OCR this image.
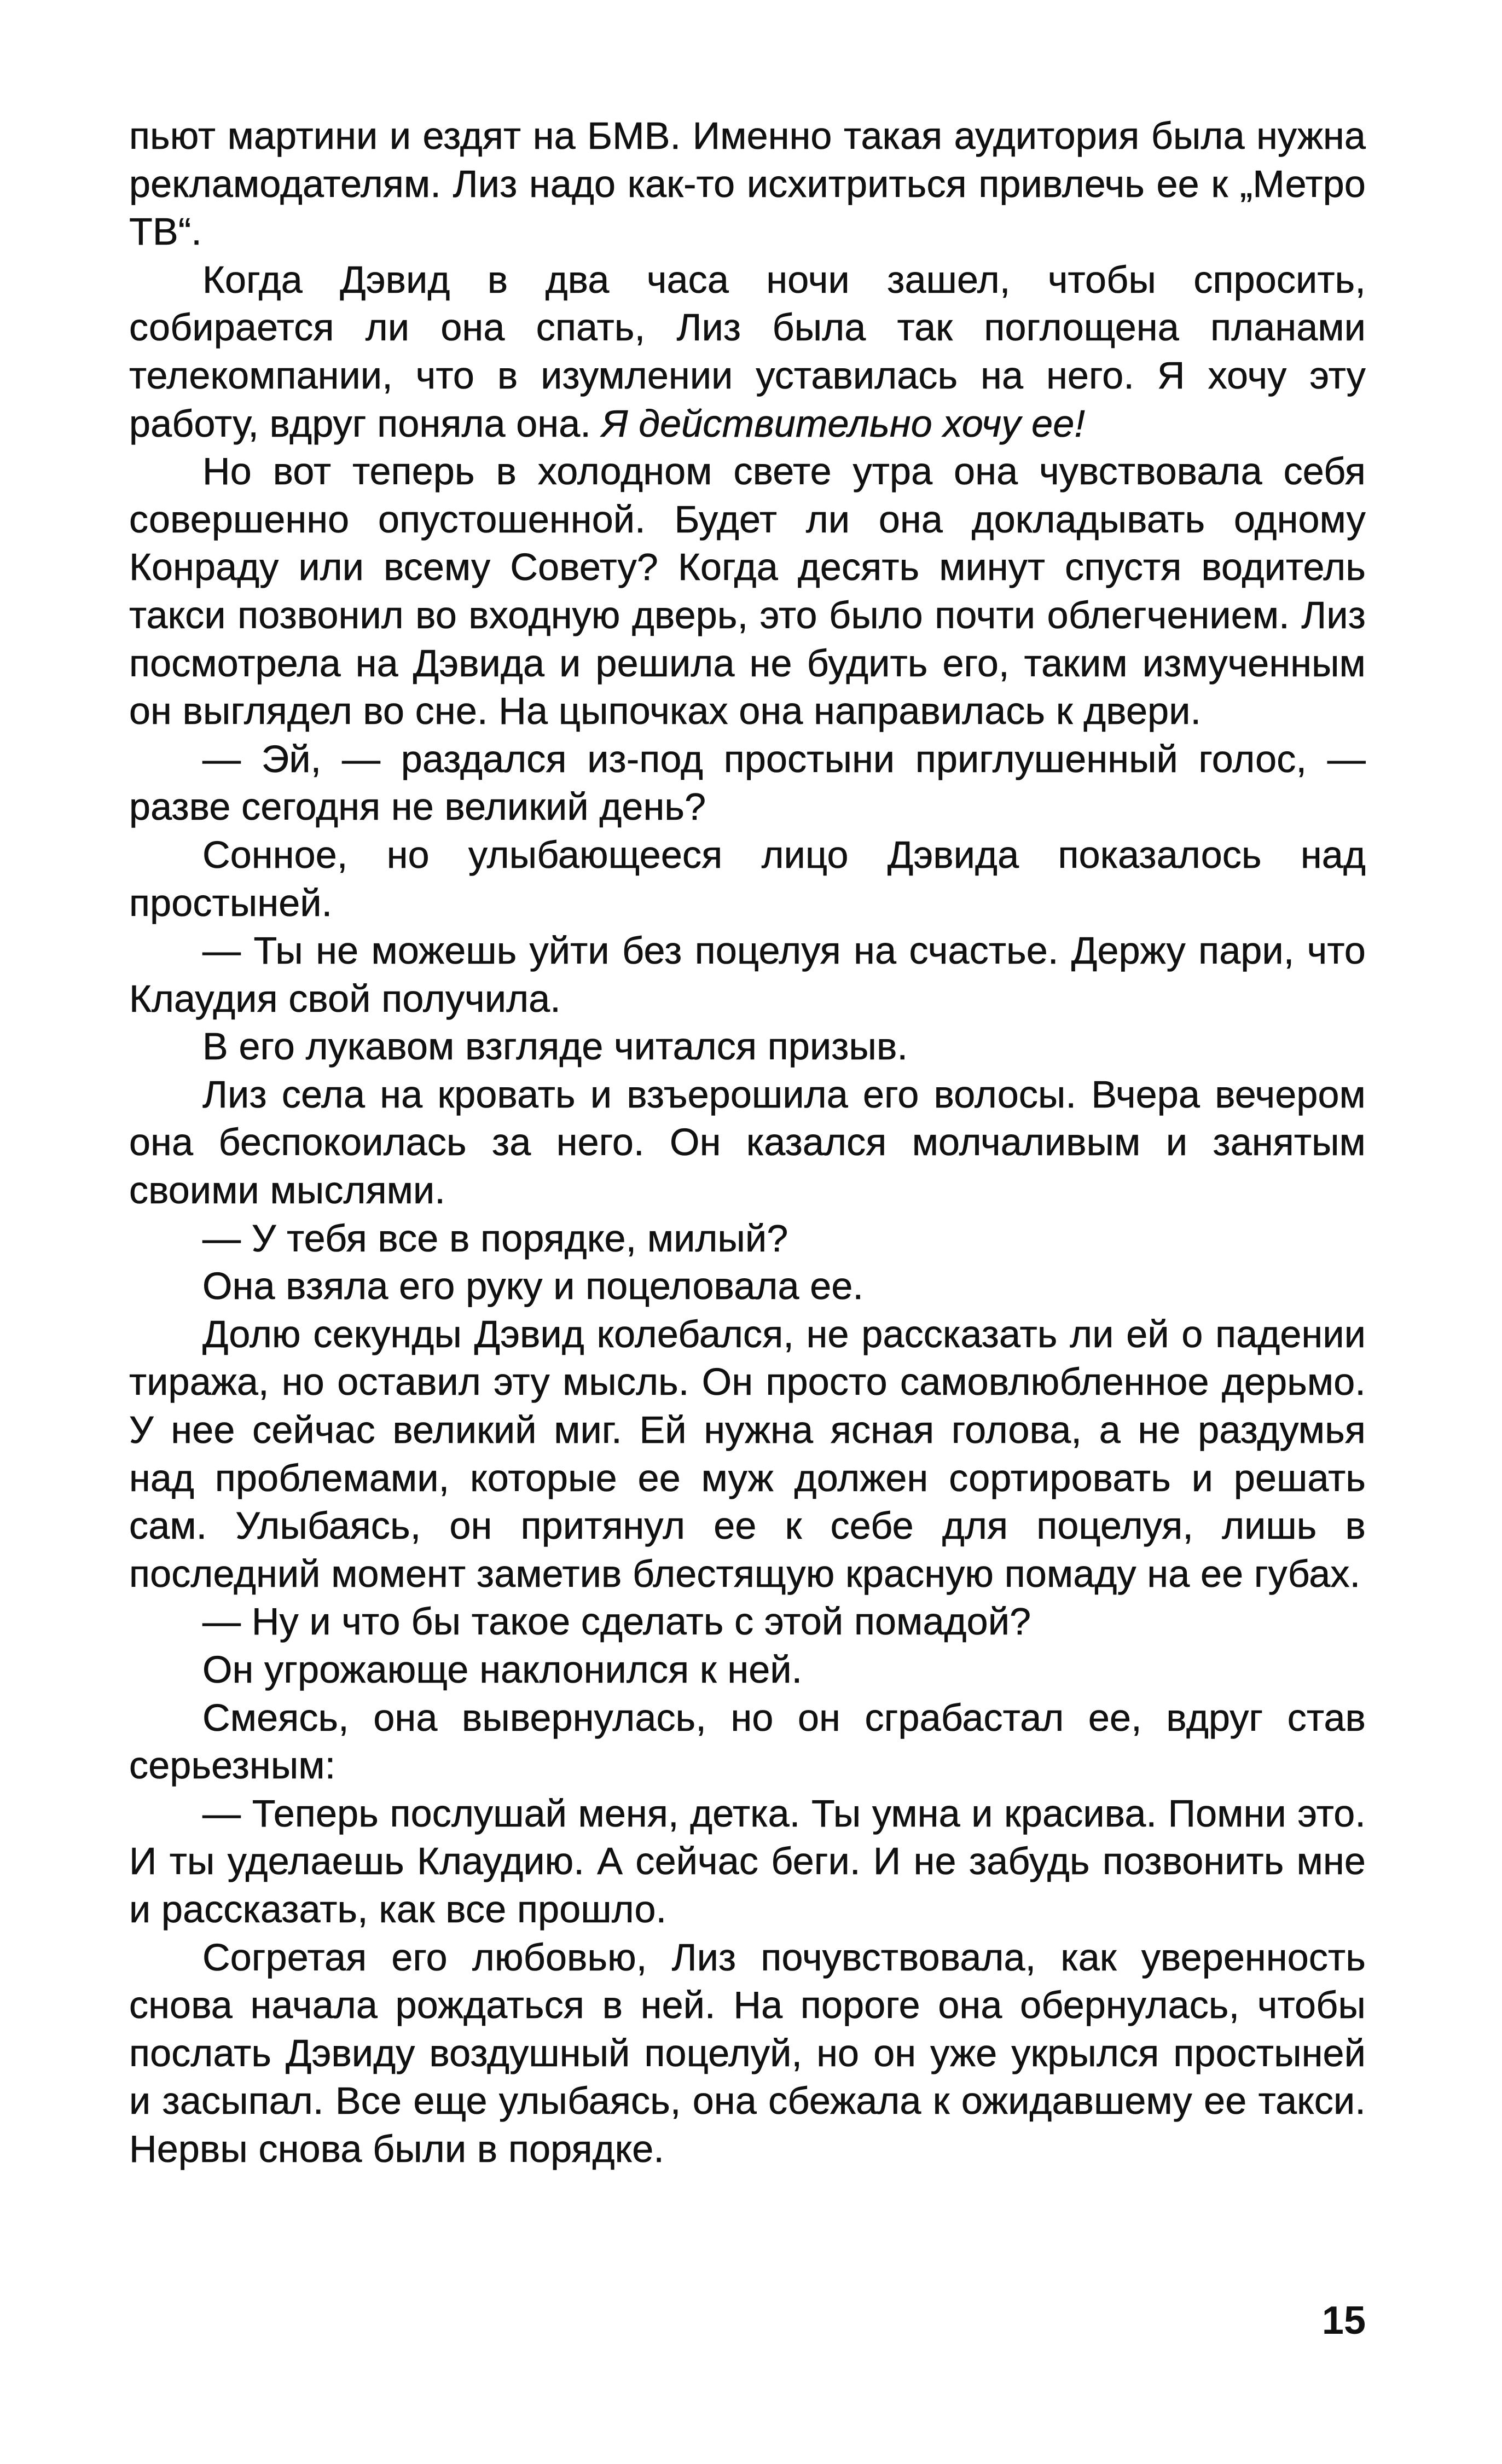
пьют мартини и ездят на БМВ. Именно такая аудитория была нужна рекламодателям. Лиз надо как-то исхитриться привлечь ее к „Метро ТВ“.

Когда Дэвид в два часа ночи зашел, чтобы спросить, собирается ли она спать, Лиз была так поглощена планами телекомпании, что в изумлении уставилась на него. Я хочу эту работу, вдруг поняла она. Я действительно хочу ее!

Но вот теперь в холодном свете утра она чувствовала себя совершенно опустошенной. Будет ли она докладывать одному Конраду или всему Совету? Когда десять минут спустя водитель такси позвонил во входную дверь, это было почти облегчением. Лиз посмотрела на Дэвида и решила не будить его, таким измученным он выглядел во сне. На цыпочках она направилась к двери.

— Эй, — раздался из-под простыни приглушенный голос, — разве сегодня не великий день?

Сонное, но улыбающееся лицо Дэвида показалось над простыней.

— Ты не можешь уйти без поцелуя на счастье. Держу пари, что Клаудия свой получила.

В его лукавом взгляде читался призыв.

Лиз села на кровать и взъерошила его волосы. Вчера вечером она беспокоилась за него. Он казался молчаливым и занятым своими мыслями.

— У тебя все в порядке, милый?

Она взяла его руку и поцеловала ее.

Долю секунды Дэвид колебался, не рассказать ли ей о падении тиража, но оставил эту мысль. Он просто самовлюбленное дерьмо. У нее сейчас великий миг. Ей нужна ясная голова, а не раздумья над проблемами, которые ее муж должен сортировать и решать сам. Улыбаясь, он притянул ее к себе для поцелуя, лишь в последний момент заметив блестящую красную помаду на ее губах.

— Ну и что бы такое сделать с этой помадой?

Он угрожающе наклонился к ней.

Смеясь, она вывернулась, но он сграбастал ее, вдруг став серьезным:

— Теперь послушай меня, детка. Ты умна и красива. Помни это. И ты уделаешь Клаудию. А сейчас беги. И не забудь позвонить мне и рассказать, как все прошло.

Согретая его любовью, Лиз почувствовала, как уверенность снова начала рождаться в ней. На пороге она обернулась, чтобы послать Дэвиду воздушный поцелуй, но он уже укрылся простыней и засыпал. Все еще улыбаясь, она сбежала к ожидавшему ее такси. Нервы снова были в порядке.

15
